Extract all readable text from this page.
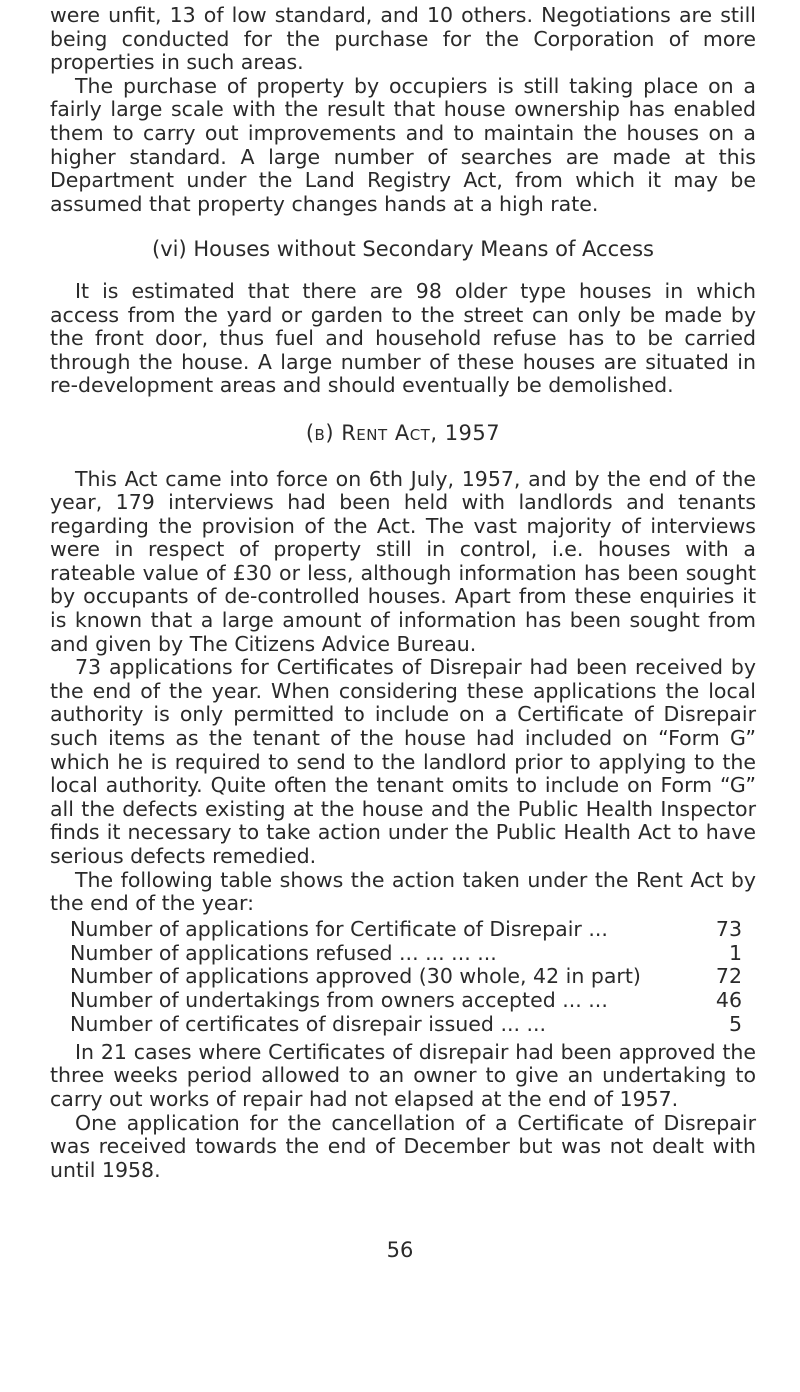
were unfit, 13 of low standard, and 10 others. Negotiations are still being conducted for the purchase for the Corporation of more properties in such areas.

The purchase of property by occupiers is still taking place on a fairly large scale with the result that house ownership has enabled them to carry out improvements and to maintain the houses on a higher standard. A large number of searches are made at this Department under the Land Registry Act, from which it may be assumed that property changes hands at a high rate.

(vi) Houses without Secondary Means of Access

It is estimated that there are 98 older type houses in which access from the yard or garden to the street can only be made by the front door, thus fuel and household refuse has to be carried through the house. A large number of these houses are situated in re-development areas and should eventually be demolished.

(b) Rent Act, 1957

This Act came into force on 6th July, 1957, and by the end of the year, 179 interviews had been held with landlords and tenants regarding the provision of the Act. The vast majority of interviews were in respect of property still in control, i.e. houses with a rateable value of £30 or less, although information has been sought by occupants of de-controlled houses. Apart from these enquiries it is known that a large amount of information has been sought from and given by The Citizens Advice Bureau.

73 applications for Certificates of Disrepair had been received by the end of the year. When considering these applications the local authority is only permitted to include on a Certificate of Disrepair such items as the tenant of the house had included on “Form G” which he is required to send to the landlord prior to applying to the local authority. Quite often the tenant omits to include on Form “G” all the defects existing at the house and the Public Health Inspector finds it necessary to take action under the Public Health Act to have serious defects remedied.

The following table shows the action taken under the Rent Act by the end of the year:

Number of applications for Certificate of Disrepair ...	73
Number of applications refused ... ... ... ...	1
Number of applications approved (30 whole, 42 in part)	72
Number of undertakings from owners accepted ... ...	46
Number of certificates of disrepair issued ... ...	5

In 21 cases where Certificates of disrepair had been approved the three weeks period allowed to an owner to give an undertaking to carry out works of repair had not elapsed at the end of 1957.

One application for the cancellation of a Certificate of Disrepair was received towards the end of December but was not dealt with until 1958.

56
